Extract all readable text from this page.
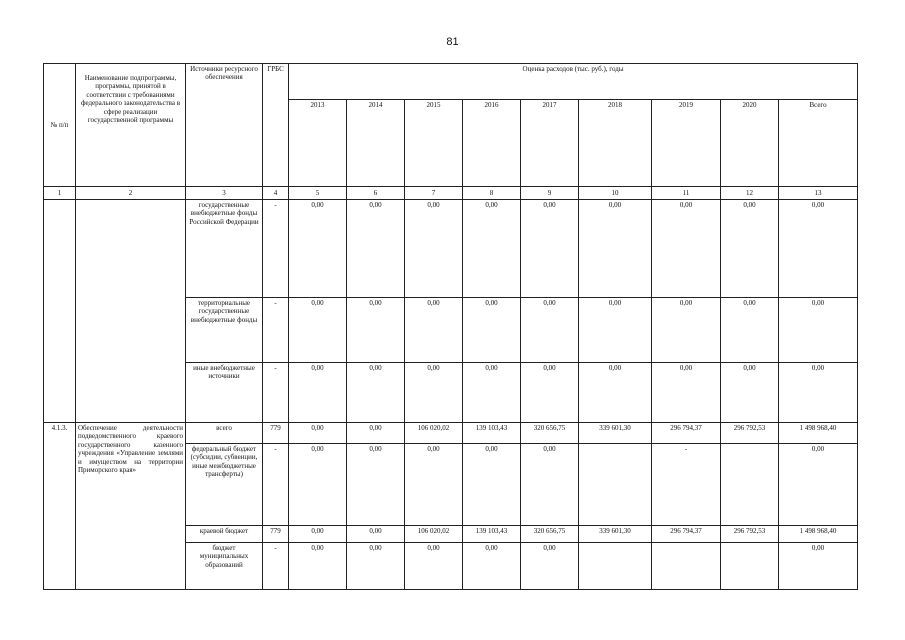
81
№ п/п	Наименование подпрограммы, программы, принятой в соответствии с требованиями федерального законодательства в сфере реализации государственной программы	Источники ресурсного обеспечения	ГРБС	Оценка расходов (тыс. руб.), годы								
				2013	2014	2015	2016	2017	2018	2019	2020	Всего
1	2	3	4	5	6	7	8	9	10	11	12	13
		государственные внебюджетные фонды Российской Федерации	-	0,00	0,00	0,00	0,00	0,00	0,00	0,00	0,00	0,00
		территориальные государственные внебюджетные фонды	-	0,00	0,00	0,00	0,00	0,00	0,00	0,00	0,00	0,00
		иные внебюджетные источники	-	0,00	0,00	0,00	0,00	0,00	0,00	0,00	0,00	0,00
4.1.3.	Обеспечение деятельности подведомственного краевого государственного казенного учреждения «Управление землями и имуществом на территории Приморского края»	всего	779	0,00	0,00	106 020,02	139 103,43	320 656,75	339 601,30	296 794,37	296 792,53	1 498 968,40
		федеральный бюджет (субсидии, субвенции, иные межбюджетные трансферты)	-	0,00	0,00	0,00	0,00	0,00		-		0,00
		краевой бюджет	779	0,00	0,00	106 020,02	139 103,43	320 656,75	339 601,30	296 794,37	296 792,53	1 498 968,40
		бюджет муниципальных образований	-	0,00	0,00	0,00	0,00	0,00				0,00
